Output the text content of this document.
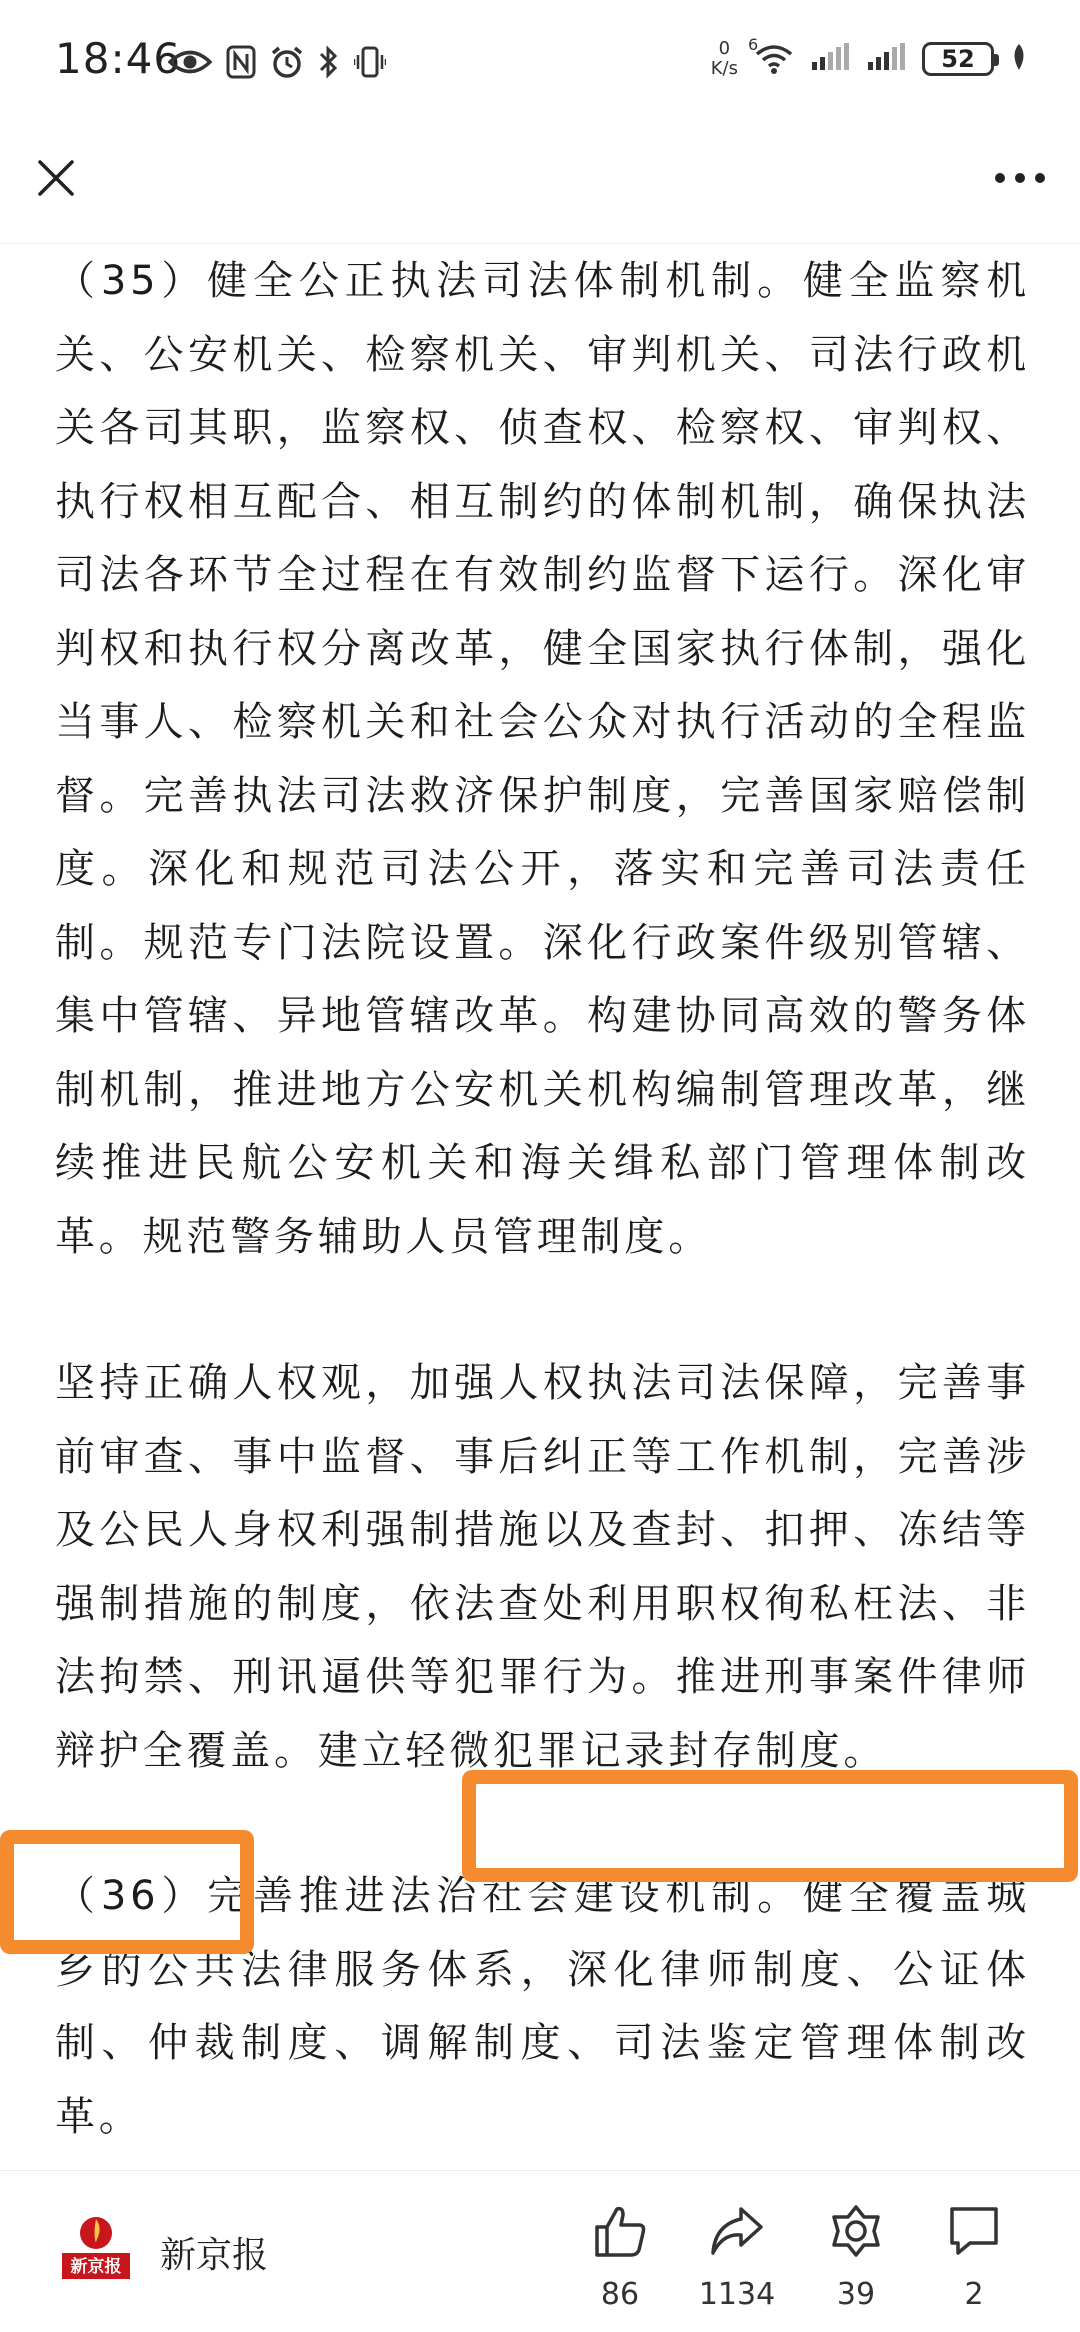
18:46	0
K/s
6
52

（35）健全公正执法司法体制机制。健全监察机关、公安机关、检察机关、审判机关、司法行政机关各司其职，监察权、侦查权、检察权、审判权、执行权相互配合、相互制约的体制机制，确保执法司法各环节全过程在有效制约监督下运行。深化审判权和执行权分离改革，健全国家执行体制，强化当事人、检察机关和社会公众对执行活动的全程监督。完善执法司法救济保护制度，完善国家赔偿制度。深化和规范司法公开，落实和完善司法责任制。规范专门法院设置。深化行政案件级别管辖、集中管辖、异地管辖改革。构建协同高效的警务体制机制，推进地方公安机关机构编制管理改革，继续推进民航公安机关和海关缉私部门管理体制改革。规范警务辅助人员管理制度。

坚持正确人权观，加强人权执法司法保障，完善事前审查、事中监督、事后纠正等工作机制，完善涉及公民人身权利强制措施以及查封、扣押、冻结等强制措施的制度，依法查处利用职权徇私枉法、非法拘禁、刑讯逼供等犯罪行为。推进刑事案件律师辩护全覆盖。建立轻微犯罪记录封存制度。

（36）完善推进法治社会建设机制。健全覆盖城乡的公共法律服务体系，深化律师制度、公证体制、仲裁制度、调解制度、司法鉴定管理体制改革。

新京报 新京报
86	1134	39	2
